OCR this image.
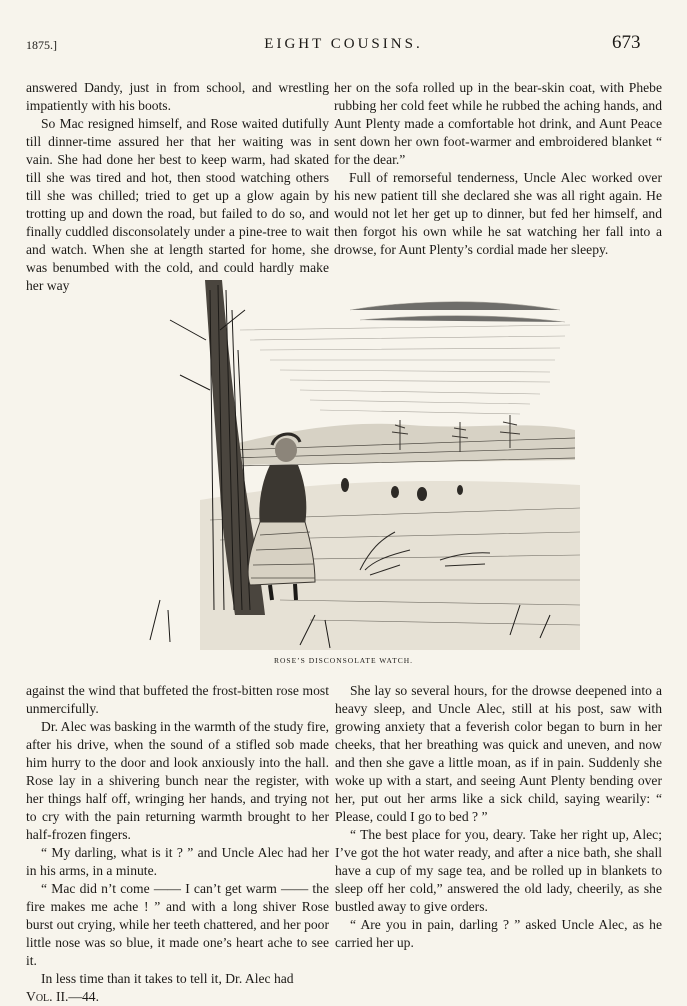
1875.]	EIGHT COUSINS.	673

answered Dandy, just in from school, and wrestling impatiently with his boots.

So Mac resigned himself, and Rose waited dutifully till dinner-time assured her that her waiting was in vain. She had done her best to keep warm, had skated till she was tired and hot, then stood watching others till she was chilled; tried to get up a glow again by trotting up and down the road, but failed to do so, and finally cuddled disconsolately under a pine-tree to wait and watch. When she at length started for home, she was benumbed with the cold, and could hardly make her way

her on the sofa rolled up in the bear-skin coat, with Phebe rubbing her cold feet while he rubbed the aching hands, and Aunt Plenty made a comfortable hot drink, and Aunt Peace sent down her own foot-warmer and embroidered blanket “ for the dear.”

Full of remorseful tenderness, Uncle Alec worked over his new patient till she declared she was all right again. He would not let her get up to dinner, but fed her himself, and then forgot his own while he sat watching her fall into a drowse, for Aunt Plenty’s cordial made her sleepy.

ROSE’S DISCONSOLATE WATCH.

against the wind that buffeted the frost-bitten rose most unmercifully.

Dr. Alec was basking in the warmth of the study fire, after his drive, when the sound of a stifled sob made him hurry to the door and look anxiously into the hall. Rose lay in a shivering bunch near the register, with her things half off, wringing her hands, and trying not to cry with the pain returning warmth brought to her half-frozen fingers.

“ My darling, what is it ? ” and Uncle Alec had her in his arms, in a minute.

“ Mac did n’t come —— I can’t get warm —— the fire makes me ache ! ” and with a long shiver Rose burst out crying, while her teeth chattered, and her poor little nose was so blue, it made one’s heart ache to see it.

In less time than it takes to tell it, Dr. Alec had

Vol. II.—44.

She lay so several hours, for the drowse deepened into a heavy sleep, and Uncle Alec, still at his post, saw with growing anxiety that a feverish color began to burn in her cheeks, that her breathing was quick and uneven, and now and then she gave a little moan, as if in pain. Suddenly she woke up with a start, and seeing Aunt Plenty bending over her, put out her arms like a sick child, saying wearily: “ Please, could I go to bed ? ”

“ The best place for you, deary. Take her right up, Alec; I’ve got the hot water ready, and after a nice bath, she shall have a cup of my sage tea, and be rolled up in blankets to sleep off her cold,” answered the old lady, cheerily, as she bustled away to give orders.

“ Are you in pain, darling ? ” asked Uncle Alec, as he carried her up.
